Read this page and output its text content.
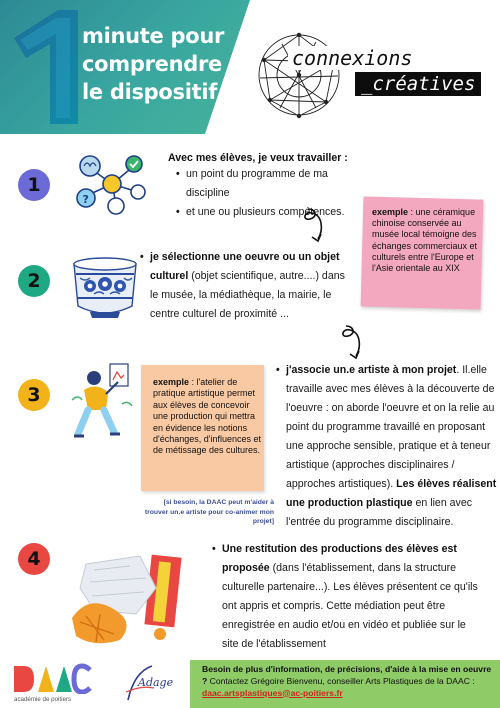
minute pour
comprendre
le dispositif
connexions
_créatives
1
?
Avec mes élèves, je veux travailler :
• un point du programme de ma discipline
• et une ou plusieurs compétences.	exemple : une céramique chinoise conservée au musée local témoigne des échanges commerciaux et culturels entre l'Europe et l'Asie orientale au XIX
2
• je sélectionne une oeuvre ou un objet culturel (objet scientifique, autre....) dans le musée, la médiathèque, la mairie, le centre culturel de proximité ...
3
exemple : l'atelier de pratique artistique permet aux élèves de concevoir une production qui mettra en évidence les notions d'échanges, d'influences et de métissage des cultures.
[si besoin, la DAAC peut m'aider à trouver un.e artiste pour co-animer mon projet]
• j'associe un.e artiste à mon projet. Il.elle travaille avec mes élèves à la découverte de l'oeuvre : on aborde l'oeuvre et on la relie au point du programme travaillé en proposant une approche sensible, pratique et à teneur artistique (approches disciplinaires / approches artistiques). Les élèves réalisent une production plastique en lien avec l'entrée du programme disciplinaire.
4
•	Une restitution des productions des élèves est proposée (dans l'établissement, dans la structure culturelle partenaire...). Les élèves présentent ce qu'ils ont appris et compris. Cette médiation peut être enregistrée en audio et/ou en vidéo et publiée sur le site de l'établissement
DAAC
académie de poitiers
Adage
Besoin de plus d'information, de précisions, d'aide à la mise en oeuvre ? Contactez Grégoire Bienvenu, conseiller Arts Plastiques de la DAAC : daac.artsplastiques@ac-poitiers.fr
